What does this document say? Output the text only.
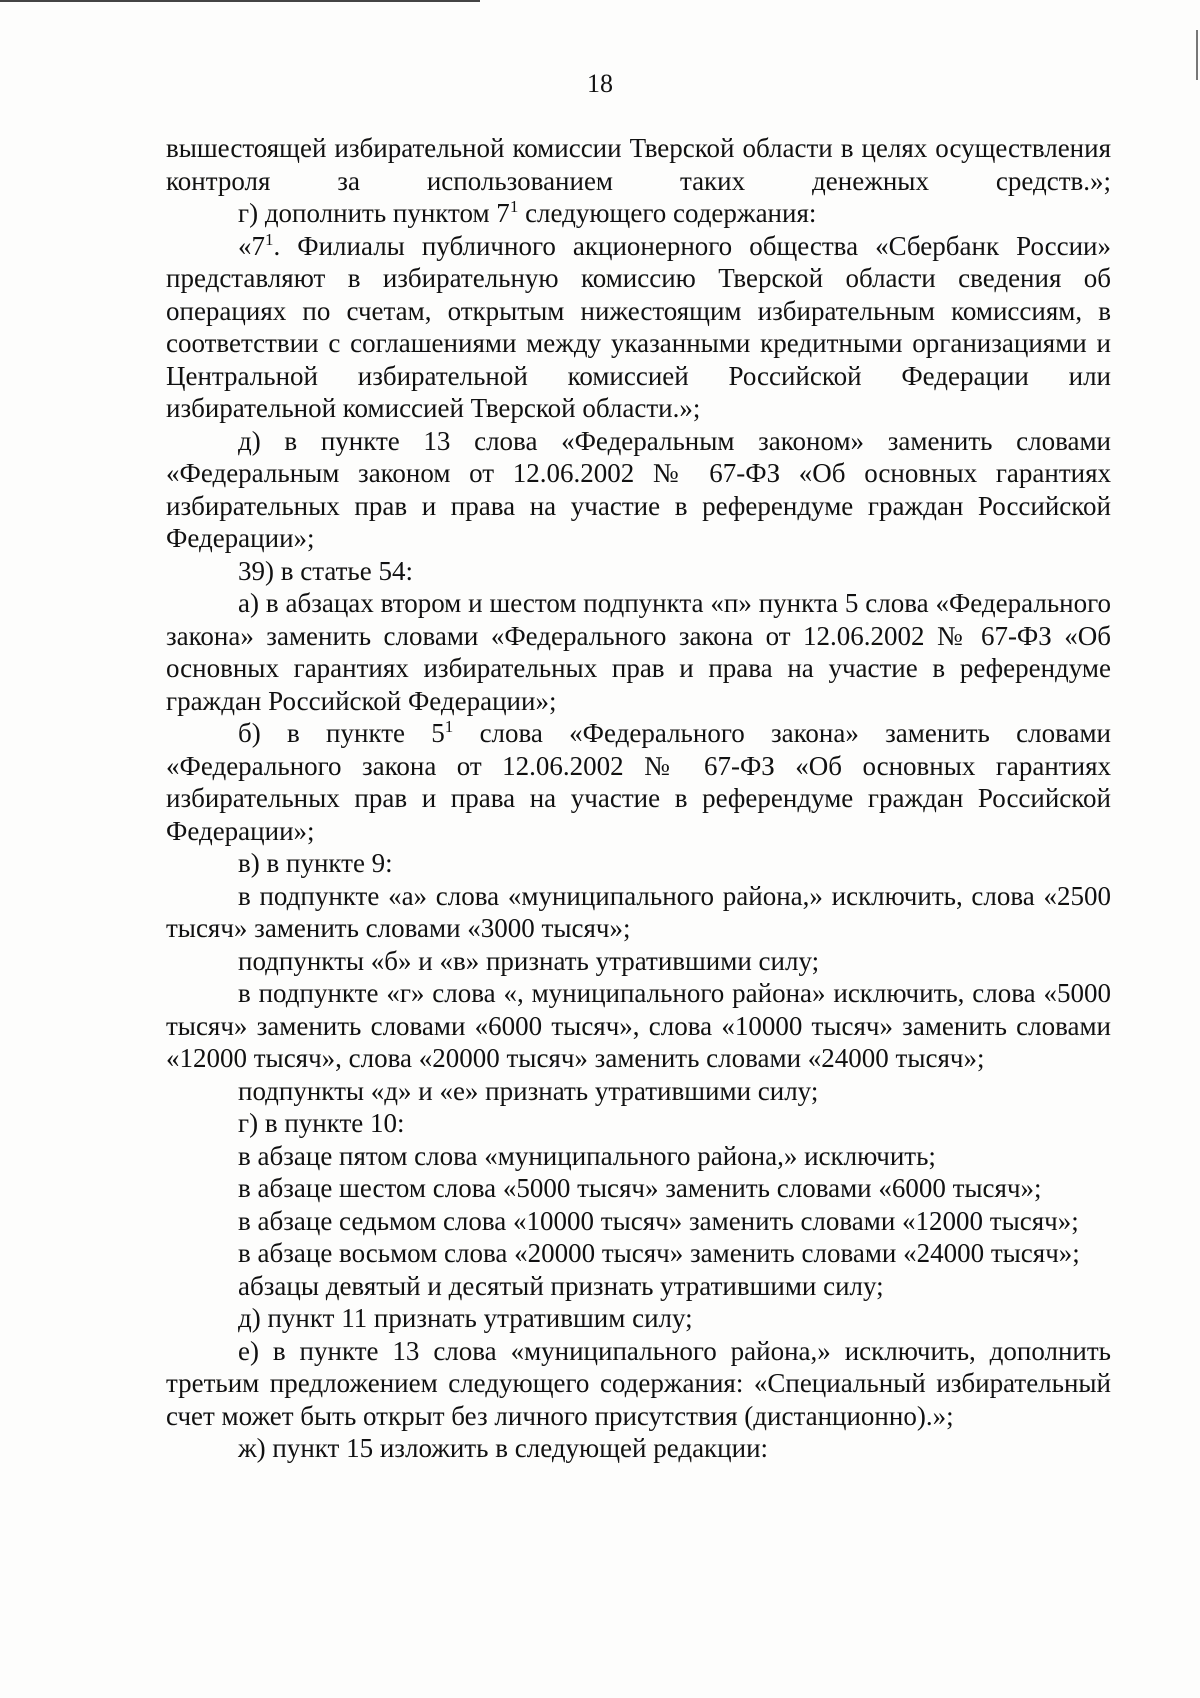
18

вышестоящей избирательной комиссии Тверской области в целях осуществления контроля за использованием таких денежных средств.»;

г) дополнить пунктом $7^1$ следующего содержания:

«$7^1$. Филиалы публичного акционерного общества «Сбербанк России» представляют в избирательную комиссию Тверской области сведения об операциях по счетам, открытым нижестоящим избирательным комиссиям, в соответствии с соглашениями между указанными кредитными организациями и Центральной избирательной комиссией Российской Федерации или избирательной комиссией Тверской области.»;

д) в пункте 13 слова «Федеральным законом» заменить словами «Федеральным законом от 12.06.2002 № 67-ФЗ «Об основных гарантиях избирательных прав и права на участие в референдуме граждан Российской Федерации»;

39) в статье 54:

а) в абзацах втором и шестом подпункта «п» пункта 5 слова «Федерального закона» заменить словами «Федерального закона от 12.06.2002 № 67-ФЗ «Об основных гарантиях избирательных прав и права на участие в референдуме граждан Российской Федерации»;

б) в пункте $5^1$ слова «Федерального закона» заменить словами «Федерального закона от 12.06.2002 № 67-ФЗ «Об основных гарантиях избирательных прав и права на участие в референдуме граждан Российской Федерации»;

в) в пункте 9:

в подпункте «а» слова «муниципального района,» исключить, слова «2500 тысяч» заменить словами «3000 тысяч»;

подпункты «б» и «в» признать утратившими силу;

в подпункте «г» слова «, муниципального района» исключить, слова «5000 тысяч» заменить словами «6000 тысяч», слова «10000 тысяч» заменить словами «12000 тысяч», слова «20000 тысяч» заменить словами «24000 тысяч»;

подпункты «д» и «е» признать утратившими силу;

г) в пункте 10:

в абзаце пятом слова «муниципального района,» исключить;

в абзаце шестом слова «5000 тысяч» заменить словами «6000 тысяч»;

в абзаце седьмом слова «10000 тысяч» заменить словами «12000 тысяч»;

в абзаце восьмом слова «20000 тысяч» заменить словами «24000 тысяч»;

абзацы девятый и десятый признать утратившими силу;

д) пункт 11 признать утратившим силу;

е) в пункте 13 слова «муниципального района,» исключить, дополнить третьим предложением следующего содержания: «Специальный избирательный счет может быть открыт без личного присутствия (дистанционно).»;

ж) пункт 15 изложить в следующей редакции:
